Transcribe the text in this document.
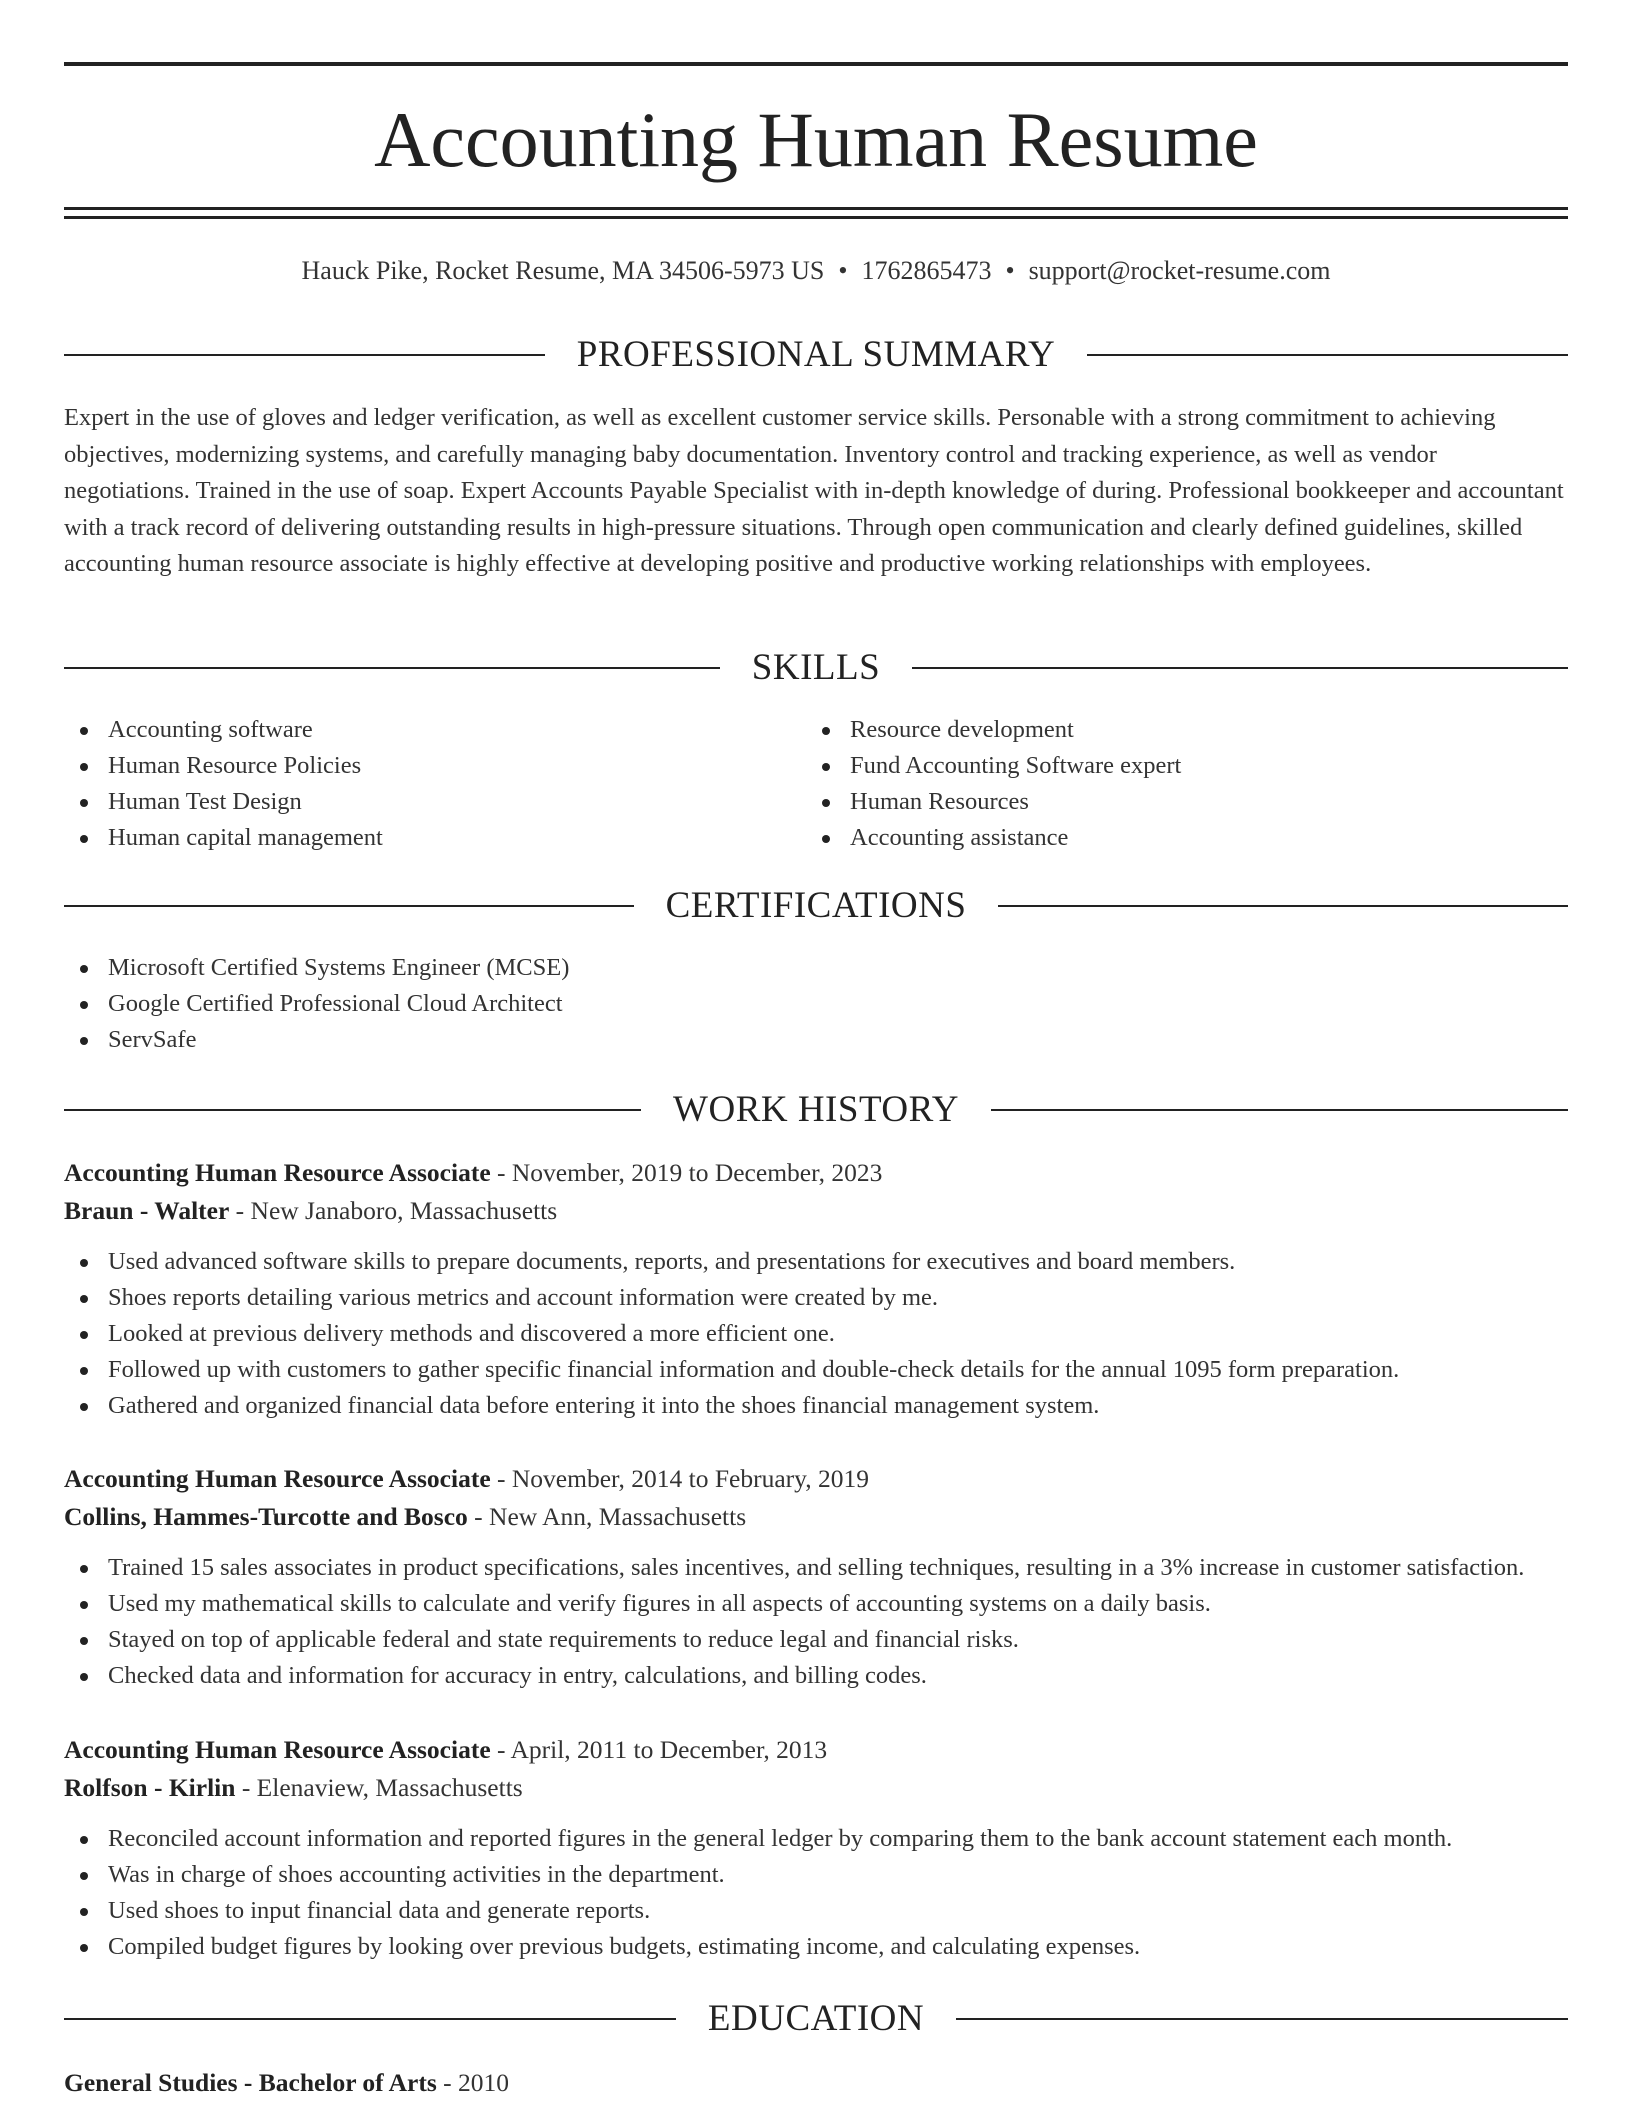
Accounting Human Resume
Hauck Pike, Rocket Resume, MA 34506-5973 US • 1762865473 • support@rocket-resume.com
PROFESSIONAL SUMMARY

Expert in the use of gloves and ledger verification, as well as excellent customer service skills. Personable with a strong commitment to achieving objectives, modernizing systems, and carefully managing baby documentation. Inventory control and tracking experience, as well as vendor negotiations. Trained in the use of soap. Expert Accounts Payable Specialist with in-depth knowledge of during. Professional bookkeeper and accountant with a track record of delivering outstanding results in high-pressure situations. Through open communication and clearly defined guidelines, skilled accounting human resource associate is highly effective at developing positive and productive working relationships with employees.

SKILLS
Accounting software
Human Resource Policies
Human Test Design
Human capital management
Resource development
Fund Accounting Software expert
Human Resources
Accounting assistance
CERTIFICATIONS
Microsoft Certified Systems Engineer (MCSE)
Google Certified Professional Cloud Architect
ServSafe
WORK HISTORY
Accounting Human Resource Associate - November, 2019 to December, 2023
Braun - Walter - New Janaboro, Massachusetts
Used advanced software skills to prepare documents, reports, and presentations for executives and board members.
Shoes reports detailing various metrics and account information were created by me.
Looked at previous delivery methods and discovered a more efficient one.
Followed up with customers to gather specific financial information and double-check details for the annual 1095 form preparation.
Gathered and organized financial data before entering it into the shoes financial management system.
Accounting Human Resource Associate - November, 2014 to February, 2019
Collins, Hammes-Turcotte and Bosco - New Ann, Massachusetts
Trained 15 sales associates in product specifications, sales incentives, and selling techniques, resulting in a 3% increase in customer satisfaction.
Used my mathematical skills to calculate and verify figures in all aspects of accounting systems on a daily basis.
Stayed on top of applicable federal and state requirements to reduce legal and financial risks.
Checked data and information for accuracy in entry, calculations, and billing codes.
Accounting Human Resource Associate - April, 2011 to December, 2013
Rolfson - Kirlin - Elenaview, Massachusetts
Reconciled account information and reported figures in the general ledger by comparing them to the bank account statement each month.
Was in charge of shoes accounting activities in the department.
Used shoes to input financial data and generate reports.
Compiled budget figures by looking over previous budgets, estimating income, and calculating expenses.
EDUCATION
General Studies - Bachelor of Arts - 2010
